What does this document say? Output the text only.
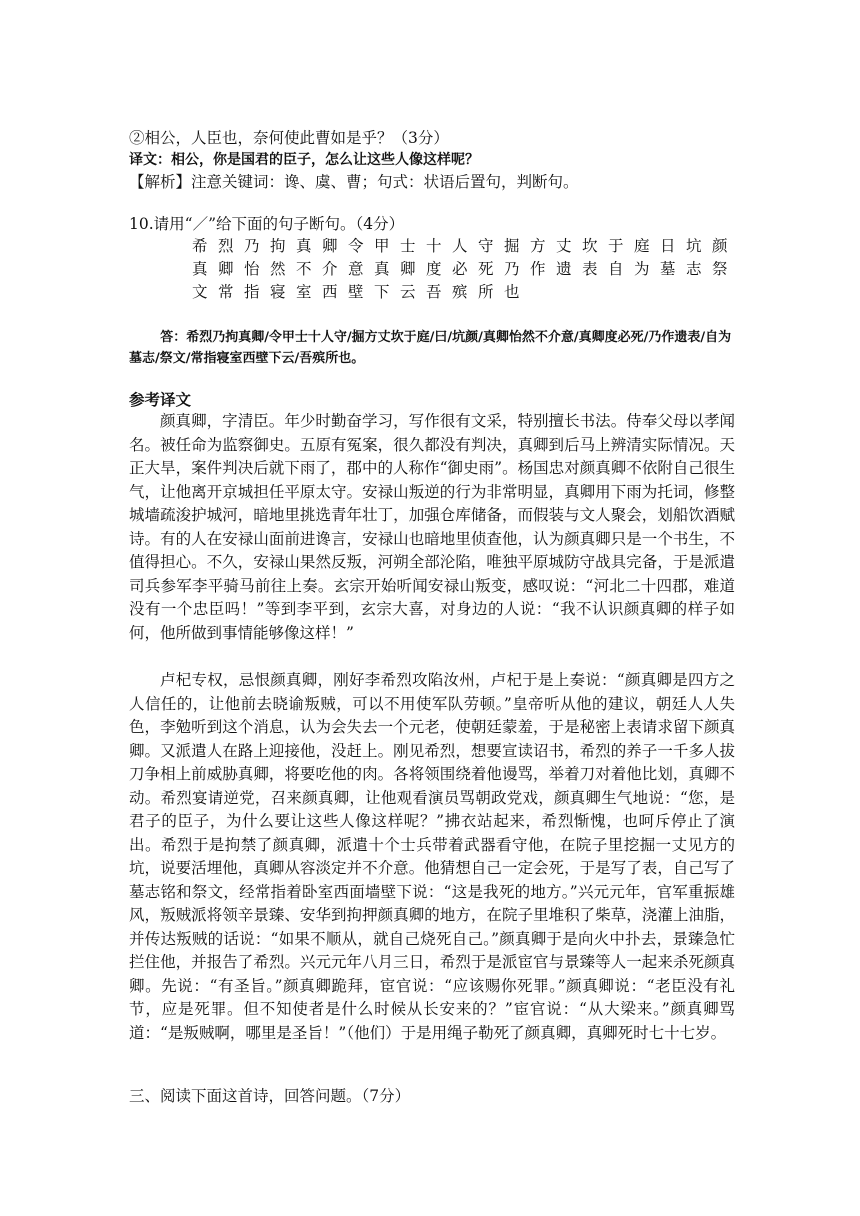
②相公，人臣也，奈何使此曹如是乎？（3分）
译文：相公，你是国君的臣子，怎么让这些人像这样呢？
【解析】注意关键词：谗、虞、曹；句式：状语后置句，判断句。
10.请用“／”给下面的句子断句。（4分）
希烈乃拘真卿令甲士十人守掘方丈坎于庭日坑颜
真卿怡然不介意真卿度必死乃作遗表自为墓志祭
文常指寝室西壁下云吾殡所也
答：希烈乃拘真卿/令甲士十人守/掘方丈坎于庭/曰/坑颜/真卿怡然不介意/真卿度必死/乃作遗表/自为墓志/祭文/常指寝室西壁下云/吾殡所也。
参考译文
颜真卿，字清臣。年少时勤奋学习，写作很有文采，特别擅长书法。侍奉父母以孝闻名。被任命为监察御史。五原有冤案，很久都没有判决，真卿到后马上辨清实际情况。天正大旱，案件判决后就下雨了，郡中的人称作“御史雨”。杨国忠对颜真卿不依附自己很生气，让他离开京城担任平原太守。安禄山叛逆的行为非常明显，真卿用下雨为托词，修整城墙疏浚护城河，暗地里挑选青年壮丁，加强仓库储备，而假装与文人聚会，划船饮酒赋诗。有的人在安禄山面前进谗言，安禄山也暗地里侦查他，认为颜真卿只是一个书生，不值得担心。不久，安禄山果然反叛，河朔全部沦陷，唯独平原城防守战具完备，于是派遣司兵参军李平骑马前往上奏。玄宗开始听闻安禄山叛变，感叹说：“河北二十四郡，难道没有一个忠臣吗！”等到李平到，玄宗大喜，对身边的人说：“我不认识颜真卿的样子如何，他所做到事情能够像这样！”
卢杞专权，忌恨颜真卿，刚好李希烈攻陷汝州，卢杞于是上奏说：“颜真卿是四方之人信任的，让他前去晓谕叛贼，可以不用使军队劳顿。”皇帝听从他的建议，朝廷人人失色，李勉听到这个消息，认为会失去一个元老，使朝廷蒙羞，于是秘密上表请求留下颜真卿。又派遣人在路上迎接他，没赶上。刚见希烈，想要宣读诏书，希烈的养子一千多人拔刀争相上前威胁真卿，将要吃他的肉。各将领围绕着他谩骂，举着刀对着他比划，真卿不动。希烈宴请逆党，召来颜真卿，让他观看演员骂朝政党戏，颜真卿生气地说：“您，是君子的臣子，为什么要让这些人像这样呢？”拂衣站起来，希烈惭愧，也呵斥停止了演出。希烈于是拘禁了颜真卿，派遣十个士兵带着武器看守他，在院子里挖掘一丈见方的坑，说要活埋他，真卿从容淡定并不介意。他猜想自己一定会死，于是写了表，自己写了墓志铭和祭文，经常指着卧室西面墙壁下说：“这是我死的地方。”兴元元年，官军重振雄风，叛贼派将领辛景臻、安华到拘押颜真卿的地方，在院子里堆积了柴草，浇灌上油脂，并传达叛贼的话说：“如果不顺从，就自己烧死自己。”颜真卿于是向火中扑去，景臻急忙拦住他，并报告了希烈。兴元元年八月三日，希烈于是派宦官与景臻等人一起来杀死颜真卿。先说：“有圣旨。”颜真卿跪拜，宦官说：“应该赐你死罪。”颜真卿说：“老臣没有礼节，应是死罪。但不知使者是什么时候从长安来的？”宦官说：“从大梁来。”颜真卿骂道：“是叛贼啊，哪里是圣旨！”（他们）于是用绳子勒死了颜真卿，真卿死时七十七岁。
三、阅读下面这首诗，回答问题。（7分）
